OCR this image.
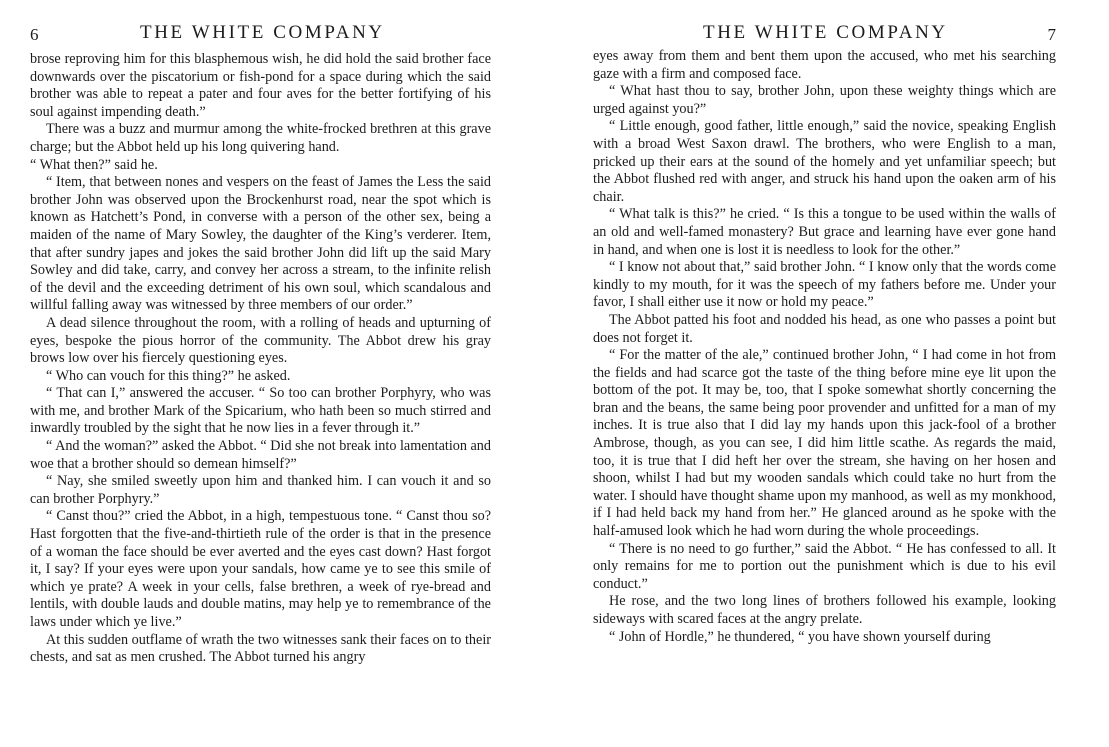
6	THE WHITE COMPANY

brose reproving him for this blasphemous wish, he did hold the said brother face downwards over the piscatorium or fish-pond for a space during which the said brother was able to repeat a pater and four aves for the better fortifying of his soul against impending death.”

There was a buzz and murmur among the white-frocked brethren at this grave charge; but the Abbot held up his long quivering hand.

“ What then?” said he.

“ Item, that between nones and vespers on the feast of James the Less the said brother John was observed upon the Brockenhurst road, near the spot which is known as Hatchett’s Pond, in converse with a person of the other sex, being a maiden of the name of Mary Sowley, the daughter of the King’s verderer. Item, that after sundry japes and jokes the said brother John did lift up the said Mary Sowley and did take, carry, and convey her across a stream, to the infinite relish of the devil and the exceeding detriment of his own soul, which scandalous and willful falling away was witnessed by three members of our order.”

A dead silence throughout the room, with a rolling of heads and upturning of eyes, bespoke the pious horror of the community. The Abbot drew his gray brows low over his fiercely questioning eyes.

“ Who can vouch for this thing?” he asked.

“ That can I,” answered the accuser. “ So too can brother Porphyry, who was with me, and brother Mark of the Spicarium, who hath been so much stirred and inwardly troubled by the sight that he now lies in a fever through it.”

“ And the woman?” asked the Abbot. “ Did she not break into lamentation and woe that a brother should so demean himself?”

“ Nay, she smiled sweetly upon him and thanked him. I can vouch it and so can brother Porphyry.”

“ Canst thou?” cried the Abbot, in a high, tempestuous tone. “ Canst thou so? Hast forgotten that the five-and-thirtieth rule of the order is that in the presence of a woman the face should be ever averted and the eyes cast down? Hast forgot it, I say? If your eyes were upon your sandals, how came ye to see this smile of which ye prate? A week in your cells, false brethren, a week of rye-bread and lentils, with double lauds and double matins, may help ye to remembrance of the laws under which ye live.”

At this sudden outflame of wrath the two witnesses sank their faces on to their chests, and sat as men crushed. The Abbot turned his angry

THE WHITE COMPANY	7

eyes away from them and bent them upon the accused, who met his searching gaze with a firm and composed face.

“ What hast thou to say, brother John, upon these weighty things which are urged against you?”

“ Little enough, good father, little enough,” said the novice, speaking English with a broad West Saxon drawl. The brothers, who were English to a man, pricked up their ears at the sound of the homely and yet unfamiliar speech; but the Abbot flushed red with anger, and struck his hand upon the oaken arm of his chair.

“ What talk is this?” he cried. “ Is this a tongue to be used within the walls of an old and well-famed monastery? But grace and learning have ever gone hand in hand, and when one is lost it is needless to look for the other.”

“ I know not about that,” said brother John. “ I know only that the words come kindly to my mouth, for it was the speech of my fathers before me. Under your favor, I shall either use it now or hold my peace.”

The Abbot patted his foot and nodded his head, as one who passes a point but does not forget it.

“ For the matter of the ale,” continued brother John, “ I had come in hot from the fields and had scarce got the taste of the thing before mine eye lit upon the bottom of the pot. It may be, too, that I spoke somewhat shortly concerning the bran and the beans, the same being poor provender and unfitted for a man of my inches. It is true also that I did lay my hands upon this jack-fool of a brother Ambrose, though, as you can see, I did him little scathe. As regards the maid, too, it is true that I did heft her over the stream, she having on her hosen and shoon, whilst I had but my wooden sandals which could take no hurt from the water. I should have thought shame upon my manhood, as well as my monkhood, if I had held back my hand from her.” He glanced around as he spoke with the half-amused look which he had worn during the whole proceedings.

“ There is no need to go further,” said the Abbot. “ He has confessed to all. It only remains for me to portion out the punishment which is due to his evil conduct.”

He rose, and the two long lines of brothers followed his example, looking sideways with scared faces at the angry prelate.

“ John of Hordle,” he thundered, “ you have shown yourself during
